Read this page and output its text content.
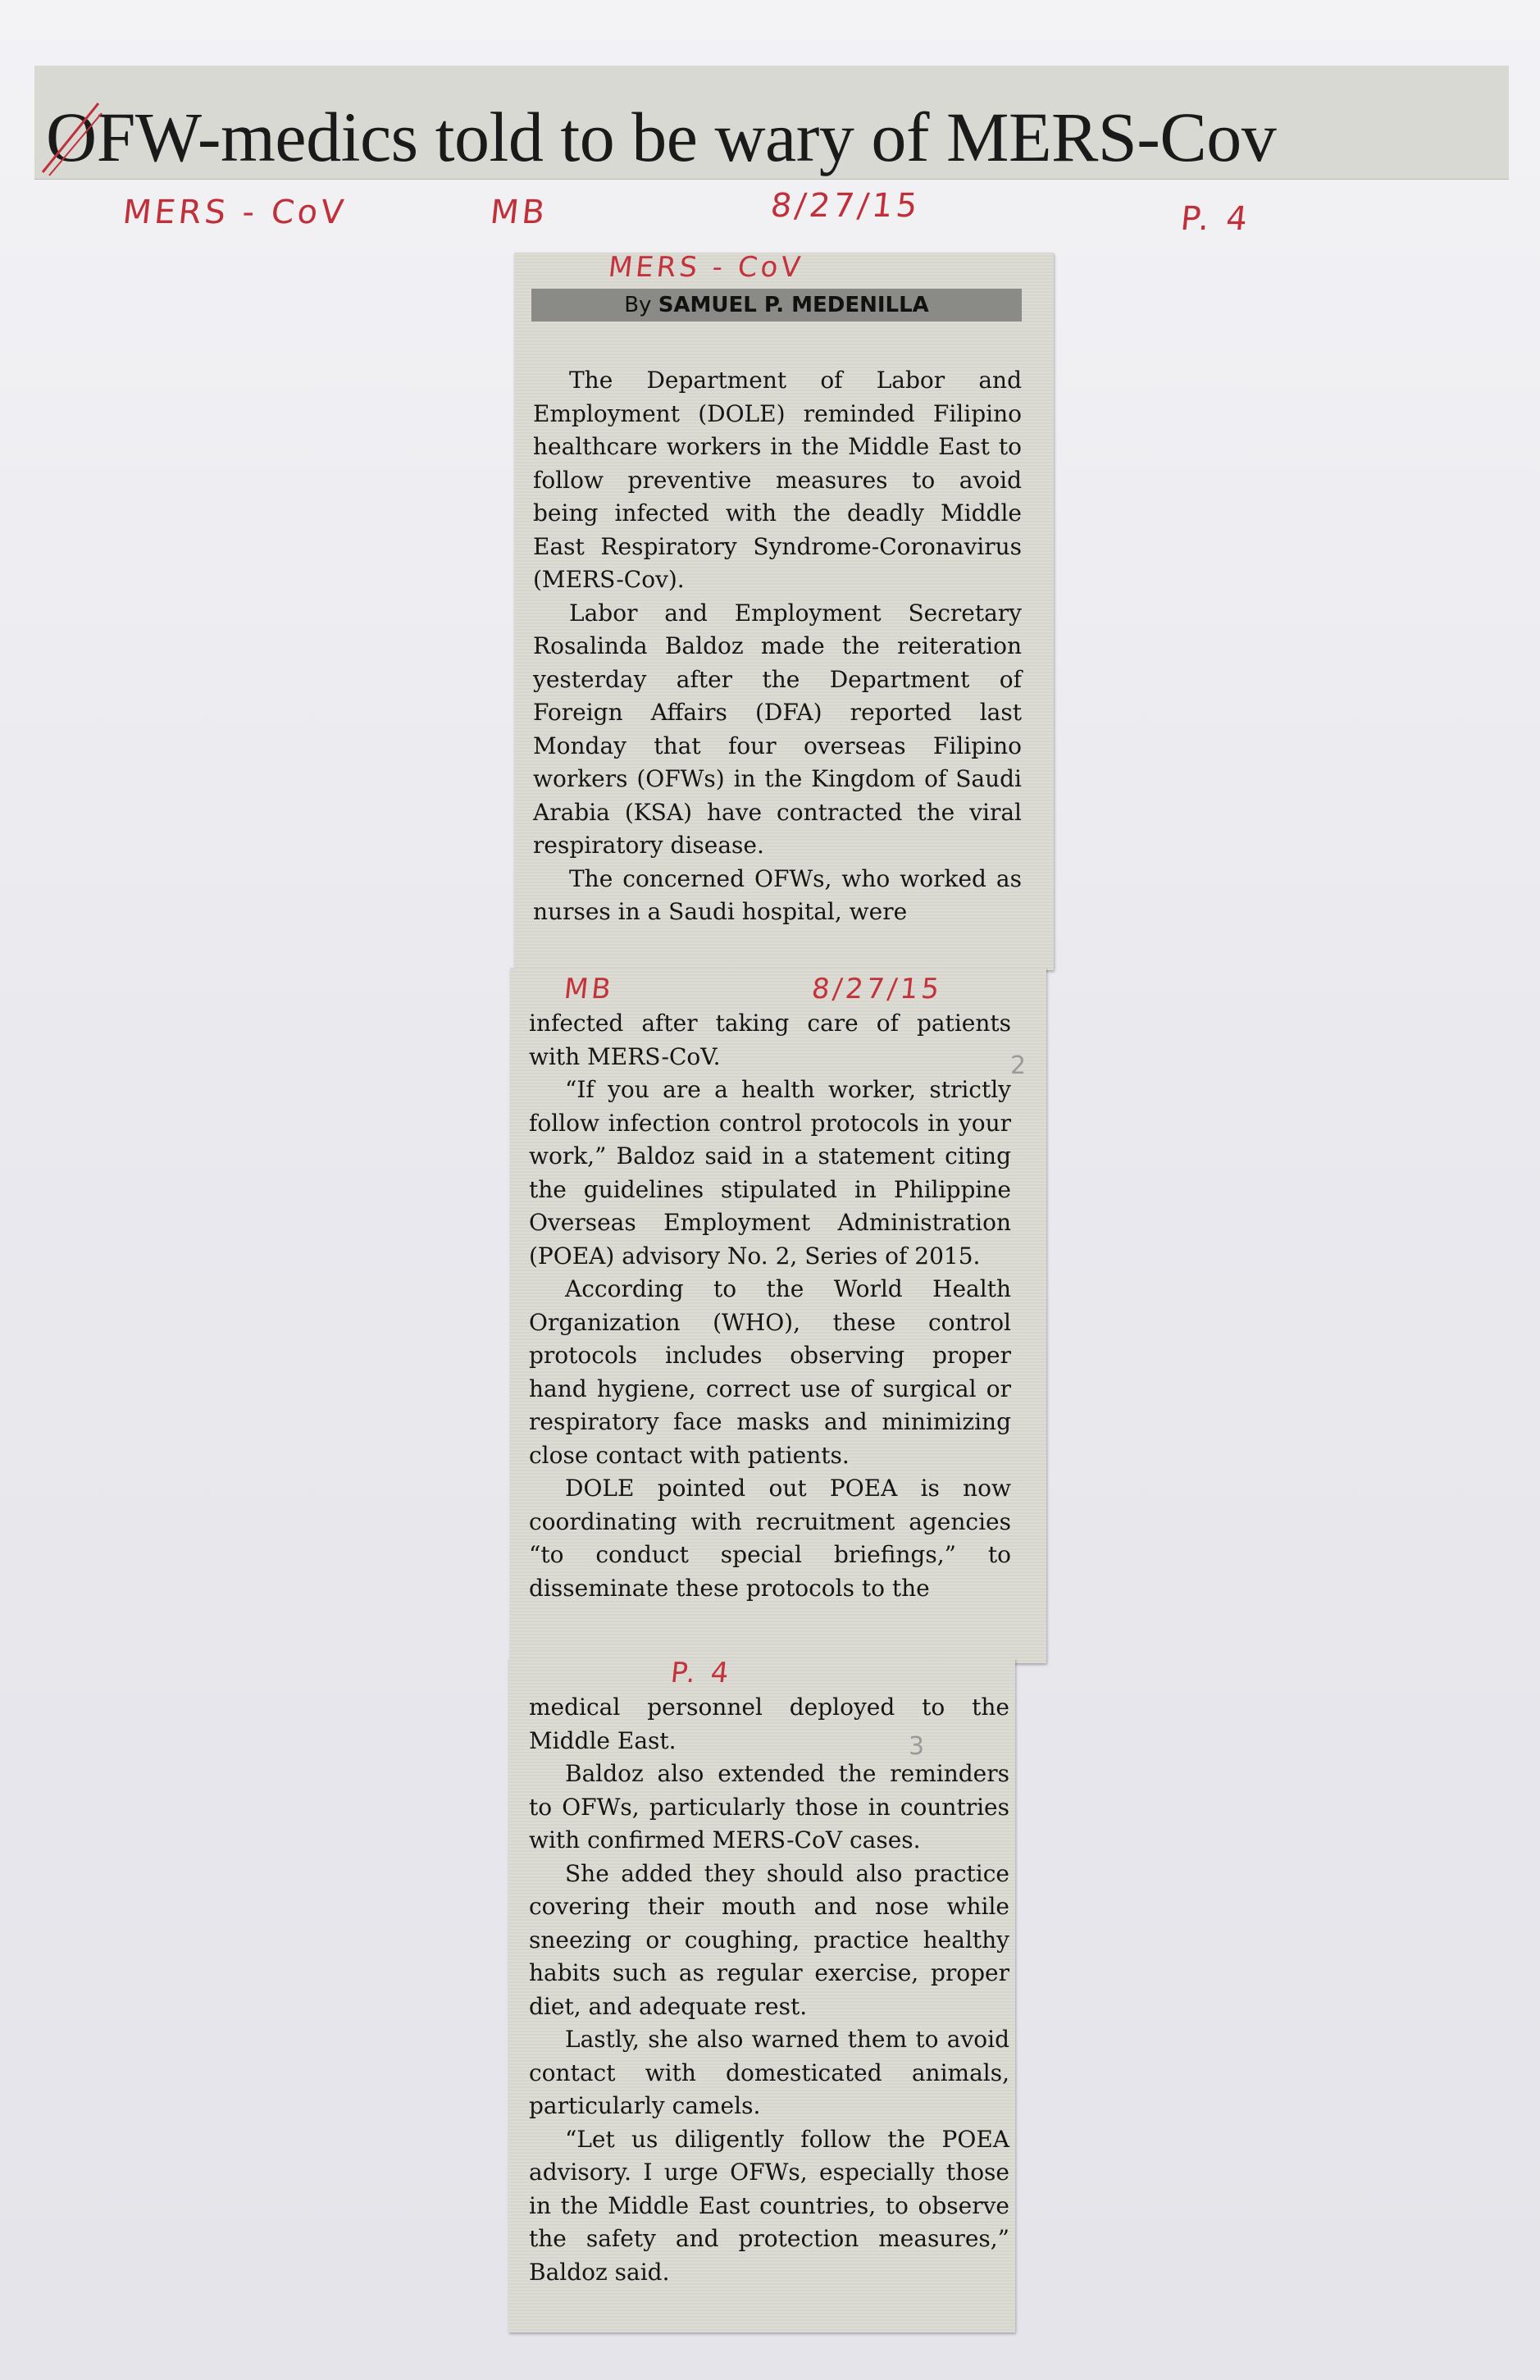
OFW-medics told to be wary of MERS-Cov
MERS - CoV	MB	8/27/15	P. 4
MERS - CoV
By SAMUEL P. MEDENILLA

The Department of Labor and Employment (DOLE) reminded Filipino healthcare workers in the Middle East to follow preventive measures to avoid being infected with the deadly Middle East Respiratory Syndrome-Coronavirus (MERS-Cov).

Labor and Employment Secretary Rosalinda Baldoz made the reiteration yesterday after the Department of Foreign Affairs (DFA) reported last Monday that four overseas Filipino workers (OFWs) in the Kingdom of Saudi Arabia (KSA) have contracted the viral respiratory disease.

The concerned OFWs, who worked as nurses in a Saudi hospital, were

MB	8/27/15
2

infected after taking care of patients with MERS-CoV.

“If you are a health worker, strictly follow infection control protocols in your work,” Baldoz said in a statement citing the guidelines stipulated in Philippine Overseas Employment Administration (POEA) advisory No. 2, Series of 2015.

According to the World Health Organization (WHO), these control protocols includes observing proper hand hygiene, correct use of surgical or respiratory face masks and minimizing close contact with patients.

DOLE pointed out POEA is now coordinating with recruitment agencies “to conduct special briefings,” to disseminate these protocols to the

P. 4
3

medical personnel deployed to the Middle East.

Baldoz also extended the reminders to OFWs, particularly those in countries with confirmed MERS-CoV cases.

She added they should also practice covering their mouth and nose while sneezing or coughing, practice healthy habits such as regular exercise, proper diet, and adequate rest.

Lastly, she also warned them to avoid contact with domesticated animals, particularly camels.

“Let us diligently follow the POEA advisory. I urge OFWs, especially those in the Middle East countries, to observe the safety and protection measures,” Baldoz said.
